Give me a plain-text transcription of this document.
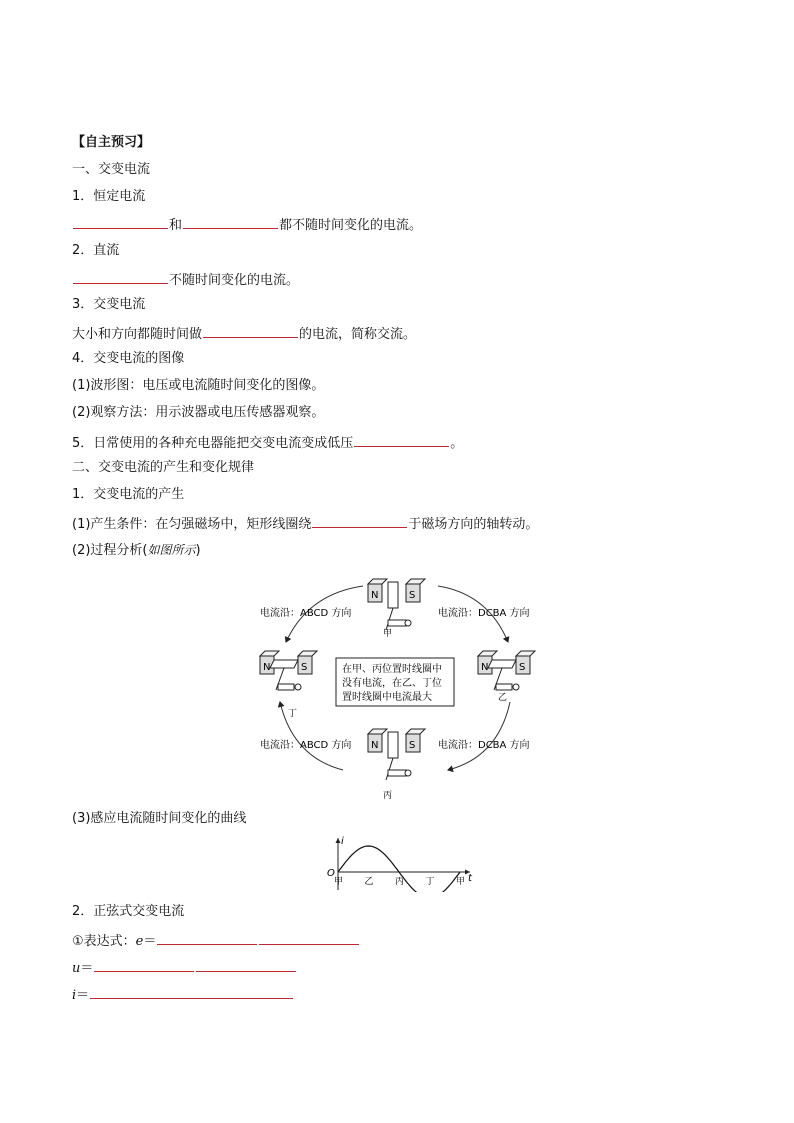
【自主预习】
一、交变电流
1．恒定电流
和	都不随时间变化的电流。
2．直流
不随时间变化的电流。
3．交变电流
大小和方向都随时间做	的电流，简称交流。
4．交变电流的图像
(1)波形图：电压或电流随时间变化的图像。
(2)观察方法：用示波器或电压传感器观察。
5．日常使用的各种充电器能把交变电流变成低压	。
二、交变电流的产生和变化规律
1．交变电流的产生
(1)产生条件：在匀强磁场中，矩形线圈绕	于磁场方向的轴转动。
(2)过程分析(如图所示)
电流沿：ABCD 方向	电流沿：DCBA 方向
电流沿：ABCD 方向	电流沿：DCBA 方向
在甲、丙位置时线圈中
没有电流，在乙、丁位
置时线圈中电流最大
N	S
甲
N	S
乙
N	S
丙
N	S
丁
(3)感应电流随时间变化的曲线
t
i
O
甲 乙 丙 丁 甲
2．正弦式交变电流
①表达式：e＝
u＝
i＝
